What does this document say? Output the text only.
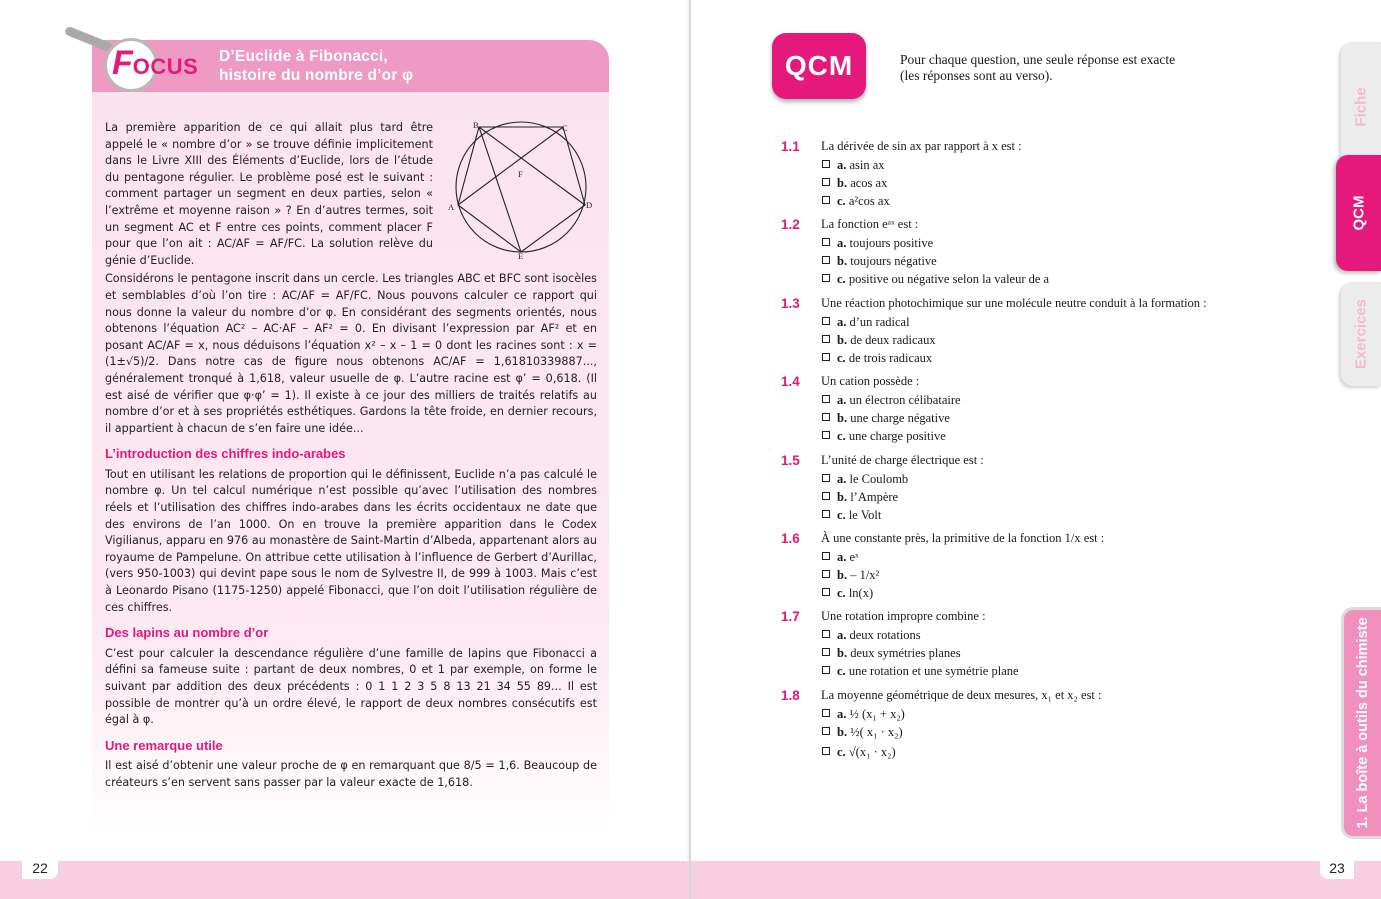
FOCUS D’Euclide à Fibonacci,
histoire du nombre d’or φ
B	C
A	D
E
F

La première apparition de ce qui allait plus tard être appelé le « nombre d’or » se trouve définie implicitement dans le Livre XIII des Éléments d’Euclide, lors de l’étude du pentagone régulier. Le problème posé est le suivant : comment partager un segment en deux parties, selon « l’extrême et moyenne raison » ? En d’autres termes, soit un segment AC et F entre ces points, comment placer F pour que l’on ait : AC/AF = AF/FC. La solution relève du génie d’Euclide.

Considérons le pentagone inscrit dans un cercle. Les triangles ABC et BFC sont isocèles et semblables d’où l’on tire : AC/AF = AF/FC. Nous pouvons calculer ce rapport qui nous donne la valeur du nombre d’or φ. En considérant des segments orientés, nous obtenons l’équation AC² – AC·AF – AF² = 0. En divisant l’expression par AF² et en posant AC/AF = x, nous déduisons l’équation x² – x – 1 = 0 dont les racines sont : x = (1±√5)/2. Dans notre cas de figure nous obtenons AC/AF = 1,61810339887..., généralement tronqué à 1,618, valeur usuelle de φ. L’autre racine est φ’ = 0,618. (Il est aisé de vérifier que φ·φ’ = 1). Il existe à ce jour des milliers de traités relatifs au nombre d’or et à ses propriétés esthétiques. Gardons la tête froide, en dernier recours, il appartient à chacun de s’en faire une idée...

L’introduction des chiffres indo-arabes

Tout en utilisant les relations de proportion qui le définissent, Euclide n’a pas calculé le nombre φ. Un tel calcul numérique n’est possible qu’avec l’utilisation des nombres réels et l’utilisation des chiffres indo-arabes dans les écrits occidentaux ne date que des environs de l’an 1000. On en trouve la première apparition dans le Codex Vigilianus, apparu en 976 au monastère de Saint-Martin d’Albeda, appartenant alors au royaume de Pampelune. On attribue cette utilisation à l’influence de Gerbert d’Aurillac, (vers 950-1003) qui devint pape sous le nom de Sylvestre II, de 999 à 1003. Mais c’est à Leonardo Pisano (1175-1250) appelé Fibonacci, que l’on doit l’utilisation régulière de ces chiffres.

Des lapins au nombre d’or

C’est pour calculer la descendance régulière d’une famille de lapins que Fibonacci a défini sa fameuse suite : partant de deux nombres, 0 et 1 par exemple, on forme le suivant par addition des deux précédents : 0 1 1 2 3 5 8 13 21 34 55 89... Il est possible de montrer qu’à un ordre élevé, le rapport de deux nombres consécutifs est égal à φ.

Une remarque utile

Il est aisé d’obtenir une valeur proche de φ en remarquant que 8/5 = 1,6. Beaucoup de créateurs s’en servent sans passer par la valeur exacte de 1,618.

QCM	Pour chaque question, une seule réponse est exacte
(les réponses sont au verso).
1.1 La dérivée de sin ax par rapport à x est :
a. asin ax
b. acos ax
c. a²cos ax
1.2 La fonction eᵃˣ est :
a. toujours positive
b. toujours négative
c. positive ou négative selon la valeur de a
1.3 Une réaction photochimique sur une molécule neutre conduit à la formation :
a. d’un radical
b. de deux radicaux
c. de trois radicaux
1.4 Un cation possède :
a. un électron célibataire
b. une charge négative
c. une charge positive
1.5 L’unité de charge électrique est :
a. le Coulomb
b. l’Ampère
c. le Volt
1.6 À une constante près, la primitive de la fonction 1/x est :
a. eˣ
b. – 1/x²
c. ln(x)
1.7 Une rotation impropre combine :
a. deux rotations
b. deux symétries planes
c. une rotation et une symétrie plane
1.8 La moyenne géométrique de deux mesures, x₁ et x₂ est :
a. ½ (x₁ + x₂)
b. ½( x₁ · x₂)
c. √(x₁ · x₂)
Fiche
Exercices
QCM
1. La boîte à outils du chimiste
22	23
